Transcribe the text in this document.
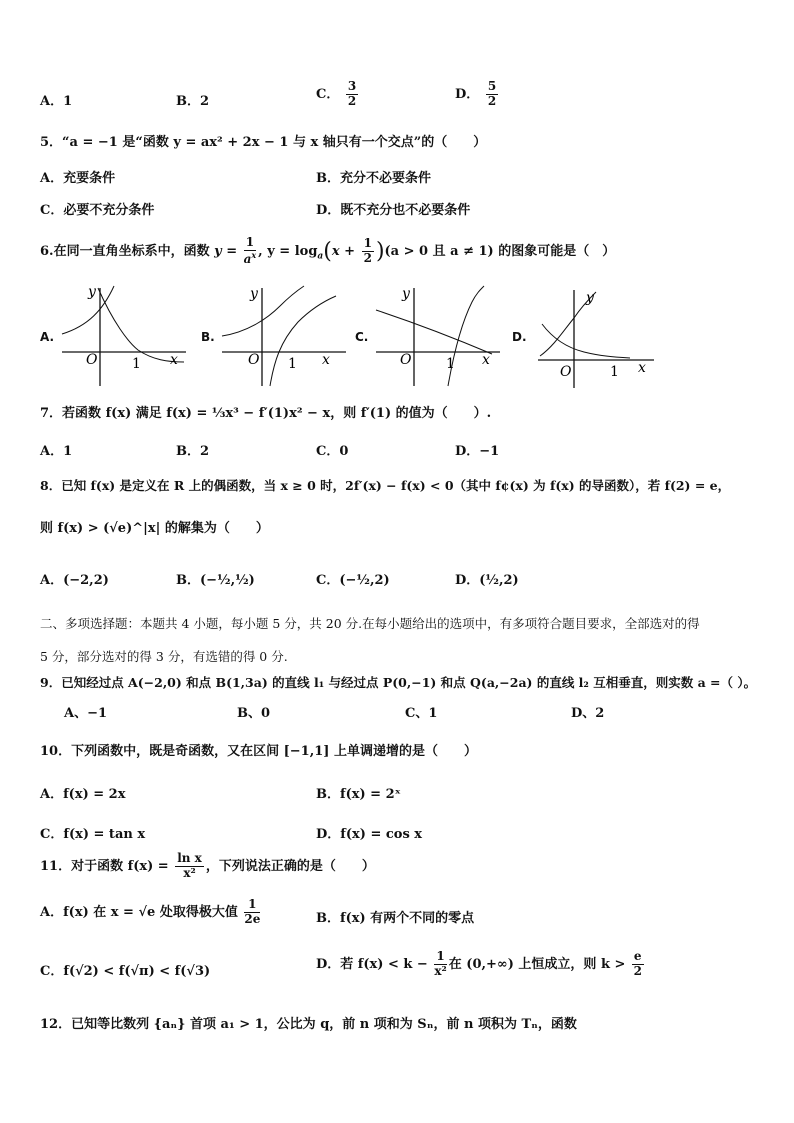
A．1	B．2	C． $\frac{3}{2}$	D． $\frac{5}{2}$
5．“a = −1 是“函数 y = ax² + 2x − 1 与 x 轴只有一个交点”的（　　）
A．充要条件	B．充分不必要条件
C．必要不充分条件	D．既不充分也不必要条件
6.在同一直角坐标系中，函数 $y = \frac{1}{a^x}$ , $y = \log_a(x + \frac{1}{2} )(a > 0$ 且 a ≠ 1) 的图象可能是（　）
A.
y
x
O 1
B.
y
x
O 1
C.
y
x
O 1
D.
y
x
O	1
7．若函数 f(x) 满足 f(x) = ⅓x³ − f′(1)x² − x，则 f′(1) 的值为（　　）.
A．1	B．2	C．0	D．−1
8．已知 f(x) 是定义在 R 上的偶函数，当 x ≥ 0 时，2f′(x) − f(x) < 0（其中 f¢(x) 为 f(x) 的导函数），若 f(2) = e，
则 f(x) > (√e)^|x| 的解集为（　　）
A．(−2,2)	B．(−½,½)	C．(−½,2)	D．(½,2)
二、多项选择题：本题共 4 小题，每小题 5 分，共 20 分.在每小题给出的选项中，有多项符合题目要求，全部选对的得
5 分，部分选对的得 3 分，有选错的得 0 分.
9．已知经过点 A(−2,0) 和点 B(1,3a) 的直线 l₁ 与经过点 P(0,−1) 和点 Q(a,−2a) 的直线 l₂ 互相垂直，则实数 a =（ ）。
A、−1	B、0	C、1	D、2
10．下列函数中，既是奇函数，又在区间 [−1,1] 上单调递增的是（　　）
A．f(x) = 2x	B．f(x) = 2ˣ
C．f(x) = tan x	D．f(x) = cos x
11．对于函数 $f(x) = \frac{\text{ln x}}{\text{x²}}$ ，下列说法正确的是（　　）
A．f(x) 在 x = √e 处取得极大值 $\frac{1}{2e}$	B．f(x) 有两个不同的零点
C．f(√2) < f(√π) < f(√3)	D．若 $f(x) < k - \frac{1}{\text{x²}}$ 在 (0,+∞) 上恒成立，则 $k > \frac{e}{2}$
12．已知等比数列 {aₙ} 首项 a₁ > 1，公比为 q，前 n 项和为 Sₙ，前 n 项积为 Tₙ，函数
